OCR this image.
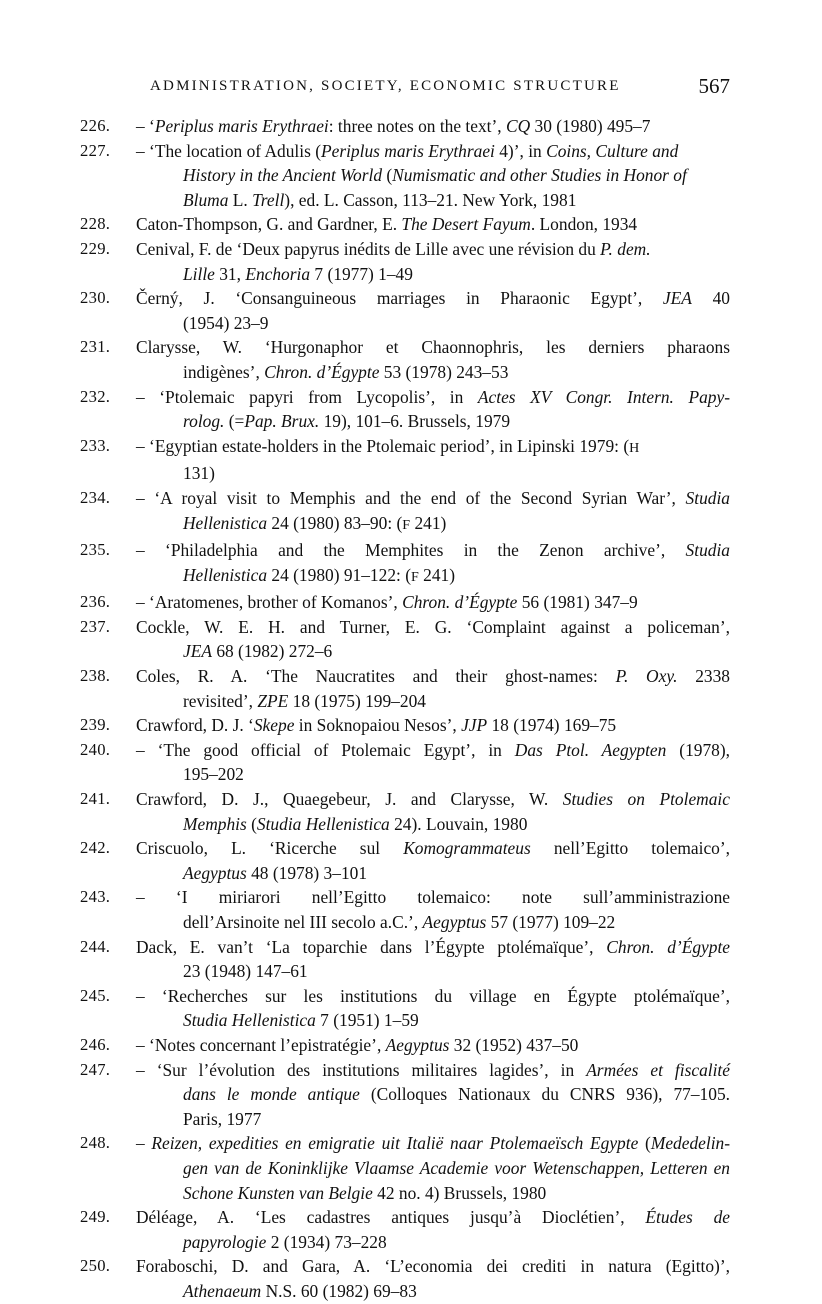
ADMINISTRATION, SOCIETY, ECONOMIC STRUCTURE	567
226. – ‘Periplus maris Erythraei: three notes on the text’, CQ 30 (1980) 495–7
227. – ‘The location of Adulis (Periplus maris Erythraei 4)’, in Coins, Culture and
History in the Ancient World (Numismatic and other Studies in Honor of
Bluma L. Trell), ed. L. Casson, 113–21. New York, 1981
228. Caton-Thompson, G. and Gardner, E. The Desert Fayum. London, 1934
229. Cenival, F. de ‘Deux papyrus inédits de Lille avec une révision du P. dem.
Lille 31, Enchoria 7 (1977) 1–49
230. Černý, J. ‘Consanguineous marriages in Pharaonic Egypt’, JEA 40
(1954) 23–9
231. Clarysse, W. ‘Hurgonaphor et Chaonnophris, les derniers pharaons
indigènes’, Chron. d’Égypte 53 (1978) 243–53
232. – ‘Ptolemaic papyri from Lycopolis’, in Actes XV Congr. Intern. Papy-
rolog. (=Pap. Brux. 19), 101–6. Brussels, 1979
233. – ‘Egyptian estate-holders in the Ptolemaic period’, in Lipinski 1979: (H
131)
234. – ‘A royal visit to Memphis and the end of the Second Syrian War’, Studia
Hellenistica 24 (1980) 83–90: (F 241)
235. – ‘Philadelphia and the Memphites in the Zenon archive’, Studia
Hellenistica 24 (1980) 91–122: (F 241)
236. – ‘Aratomenes, brother of Komanos’, Chron. d’Égypte 56 (1981) 347–9
237. Cockle, W. E. H. and Turner, E. G. ‘Complaint against a policeman’,
JEA 68 (1982) 272–6
238. Coles, R. A. ‘The Naucratites and their ghost-names: P. Oxy. 2338
revisited’, ZPE 18 (1975) 199–204
239. Crawford, D. J. ‘Skepe in Soknopaiou Nesos’, JJP 18 (1974) 169–75
240. – ‘The good official of Ptolemaic Egypt’, in Das Ptol. Aegypten (1978),
195–202
241. Crawford, D. J., Quaegebeur, J. and Clarysse, W. Studies on Ptolemaic
Memphis (Studia Hellenistica 24). Louvain, 1980
242. Criscuolo, L. ‘Ricerche sul Komogrammateus nell’Egitto tolemaico’,
Aegyptus 48 (1978) 3–101
243. – ‘I miriarori nell’Egitto tolemaico: note sull’amministrazione
dell’Arsinoite nel III secolo a.C.’, Aegyptus 57 (1977) 109–22
244. Dack, E. van’t ‘La toparchie dans l’Égypte ptolémaïque’, Chron. d’Égypte
23 (1948) 147–61
245. – ‘Recherches sur les institutions du village en Égypte ptolémaïque’,
Studia Hellenistica 7 (1951) 1–59
246. – ‘Notes concernant l’epistratégie’, Aegyptus 32 (1952) 437–50
247. – ‘Sur l’évolution des institutions militaires lagides’, in Armées et fiscalité
dans le monde antique (Colloques Nationaux du CNRS 936), 77–105.
Paris, 1977
248. – Reizen, expedities en emigratie uit Italië naar Ptolemaeïsch Egypte (Mededelin-
gen van de Koninklijke Vlaamse Academie voor Wetenschappen, Letteren en
Schone Kunsten van Belgie 42 no. 4) Brussels, 1980
249. Déléage, A. ‘Les cadastres antiques jusqu’à Dioclétien’, Études de
papyrologie 2 (1934) 73–228
250. Foraboschi, D. and Gara, A. ‘L’economia dei crediti in natura (Egitto)’,
Athenaeum N.S. 60 (1982) 69–83
